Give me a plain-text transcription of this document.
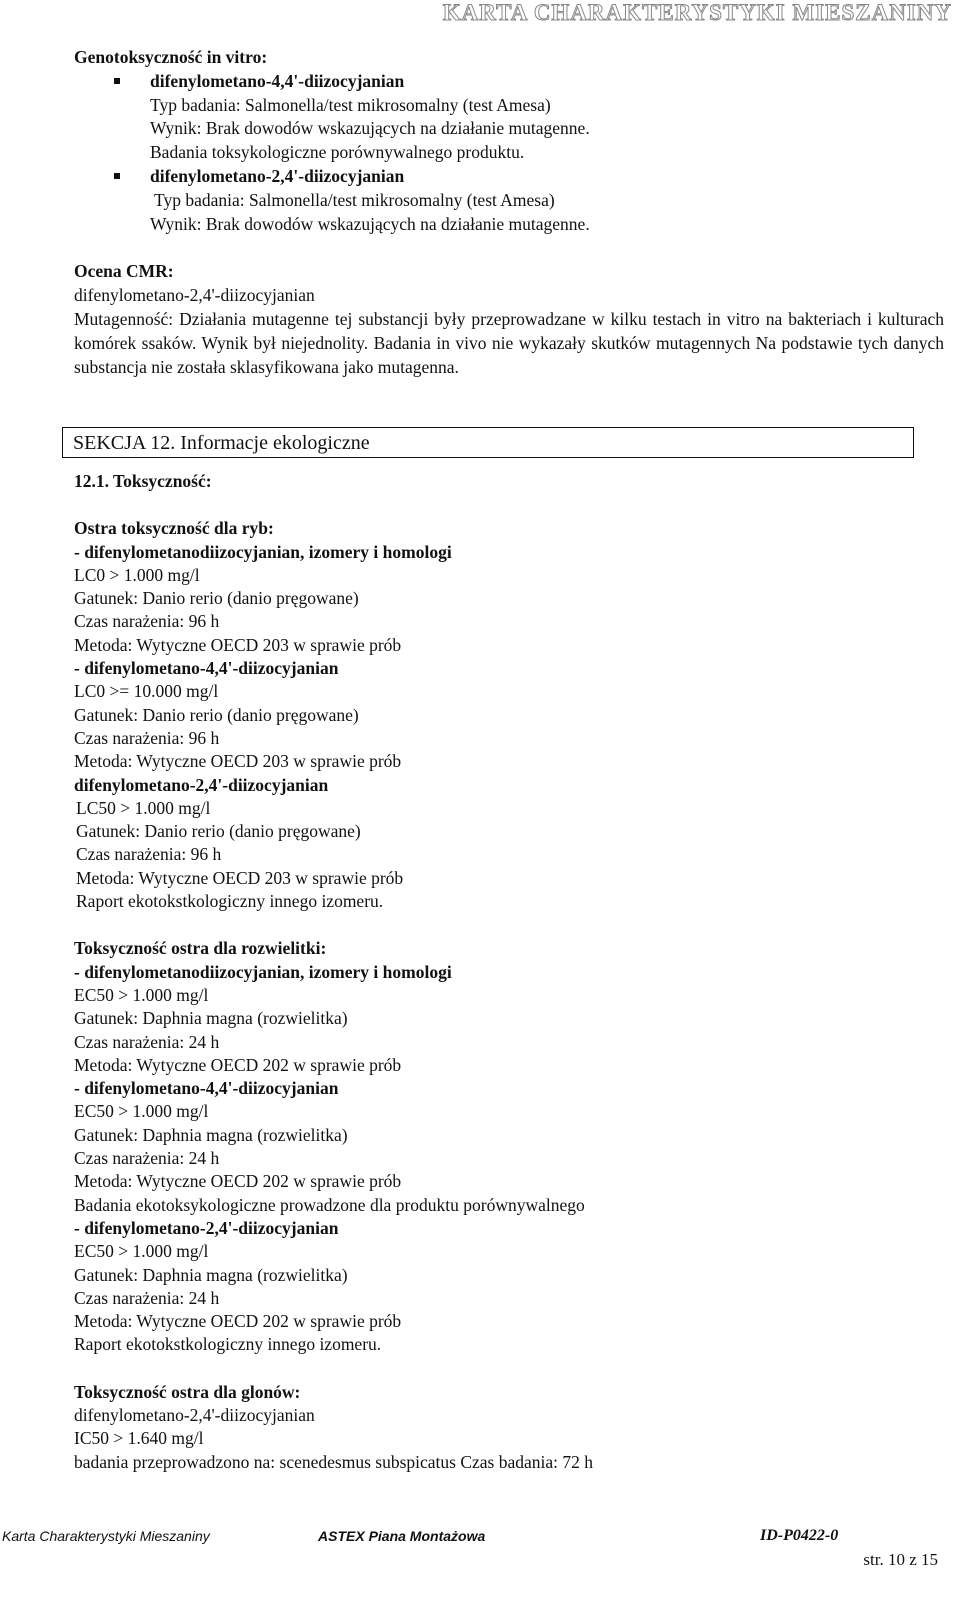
KARTA CHARAKTERYSTYKI MIESZANINY
Genotoksyczność in vitro:
difenylometano-4,4'-diizocyjanian
Typ badania: Salmonella/test mikrosomalny (test Amesa)
Wynik: Brak dowodów wskazujących na działanie mutagenne.
Badania toksykologiczne porównywalnego produktu.
difenylometano-2,4'-diizocyjanian
Typ badania: Salmonella/test mikrosomalny (test Amesa)
Wynik: Brak dowodów wskazujących na działanie mutagenne.
Ocena CMR:
difenylometano-2,4'-diizocyjanian
Mutagenność: Działania mutagenne tej substancji były przeprowadzane w kilku testach in vitro na bakteriach i kulturach komórek ssaków. Wynik był niejednolity. Badania in vivo nie wykazały skutków mutagennych Na podstawie tych danych substancja nie została sklasyfikowana jako mutagenna.
SEKCJA 12. Informacje ekologiczne
12.1. Toksyczność:
Ostra toksyczność dla ryb:
- difenylometanodiizocyjanian, izomery i homologi
LC0 > 1.000 mg/l
Gatunek: Danio rerio (danio pręgowane)
Czas narażenia: 96 h
Metoda: Wytyczne OECD 203 w sprawie prób
- difenylometano-4,4'-diizocyjanian
LC0 >= 10.000 mg/l
Gatunek: Danio rerio (danio pręgowane)
Czas narażenia: 96 h
Metoda: Wytyczne OECD 203 w sprawie prób
difenylometano-2,4'-diizocyjanian
LC50 > 1.000 mg/l
Gatunek: Danio rerio (danio pręgowane)
Czas narażenia: 96 h
Metoda: Wytyczne OECD 203 w sprawie prób
Raport ekotokstkologiczny innego izomeru.
Toksyczność ostra dla rozwielitki:
- difenylometanodiizocyjanian, izomery i homologi
EC50 > 1.000 mg/l
Gatunek: Daphnia magna (rozwielitka)
Czas narażenia: 24 h
Metoda: Wytyczne OECD 202 w sprawie prób
- difenylometano-4,4'-diizocyjanian
EC50 > 1.000 mg/l
Gatunek: Daphnia magna (rozwielitka)
Czas narażenia: 24 h
Metoda: Wytyczne OECD 202 w sprawie prób
Badania ekotoksykologiczne prowadzone dla produktu porównywalnego
- difenylometano-2,4'-diizocyjanian
EC50 > 1.000 mg/l
Gatunek: Daphnia magna (rozwielitka)
Czas narażenia: 24 h
Metoda: Wytyczne OECD 202 w sprawie prób
Raport ekotokstkologiczny innego izomeru.
Toksyczność ostra dla glonów:
difenylometano-2,4'-diizocyjanian
IC50 > 1.640 mg/l
badania przeprowadzono na: scenedesmus subspicatus Czas badania: 72 h
Karta Charakterystyki Mieszaniny	ASTEX Piana Montażowa	ID-P0422-0
str. 10 z 15
